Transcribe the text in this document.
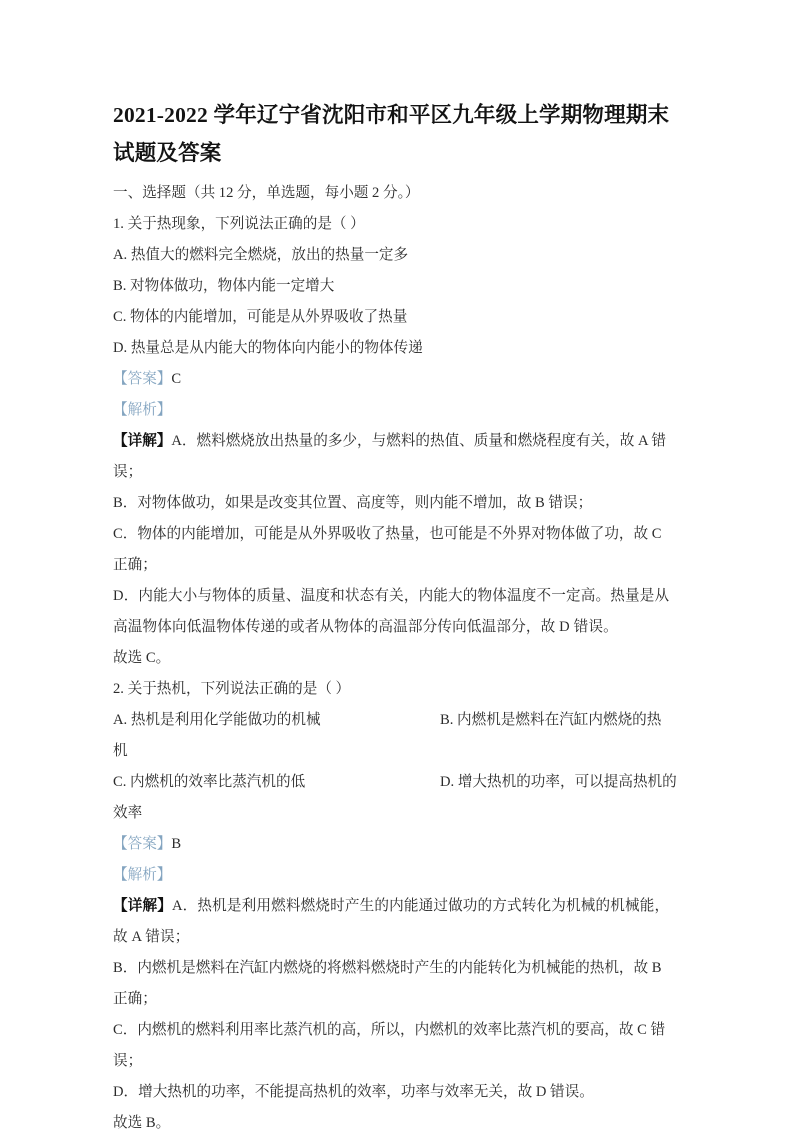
2021-2022 学年辽宁省沈阳市和平区九年级上学期物理期末试题及答案
一、选择题（共 12 分，单选题，每小题 2 分。）
1. 关于热现象，下列说法正确的是（ ）
A. 热值大的燃料完全燃烧，放出的热量一定多
B. 对物体做功，物体内能一定增大
C. 物体的内能增加，可能是从外界吸收了热量
D. 热量总是从内能大的物体向内能小的物体传递
【答案】C
【解析】
【详解】A．燃料燃烧放出热量的多少，与燃料的热值、质量和燃烧程度有关，故 A 错误；
B．对物体做功，如果是改变其位置、高度等，则内能不增加，故 B 错误；
C．物体的内能增加，可能是从外界吸收了热量，也可能是不外界对物体做了功，故 C 正确；
D．内能大小与物体的质量、温度和状态有关，内能大的物体温度不一定高。热量是从高温物体向低温物体传递的或者从物体的高温部分传向低温部分，故 D 错误。
故选 C。
2. 关于热机，下列说法正确的是（ ）
A. 热机是利用化学能做功的机械	B. 内燃机是燃料在汽缸内燃烧的热
机
C. 内燃机的效率比蒸汽机的低	D. 增大热机的功率，可以提高热机的
效率
【答案】B
【解析】
【详解】A．热机是利用燃料燃烧时产生的内能通过做功的方式转化为机械的机械能，故 A 错误；
B．内燃机是燃料在汽缸内燃烧的将燃料燃烧时产生的内能转化为机械能的热机，故 B 正确；
C．内燃机的燃料利用率比蒸汽机的高，所以，内燃机的效率比蒸汽机的要高，故 C 错误；
D．增大热机的功率，不能提高热机的效率，功率与效率无关，故 D 错误。
故选 B。
